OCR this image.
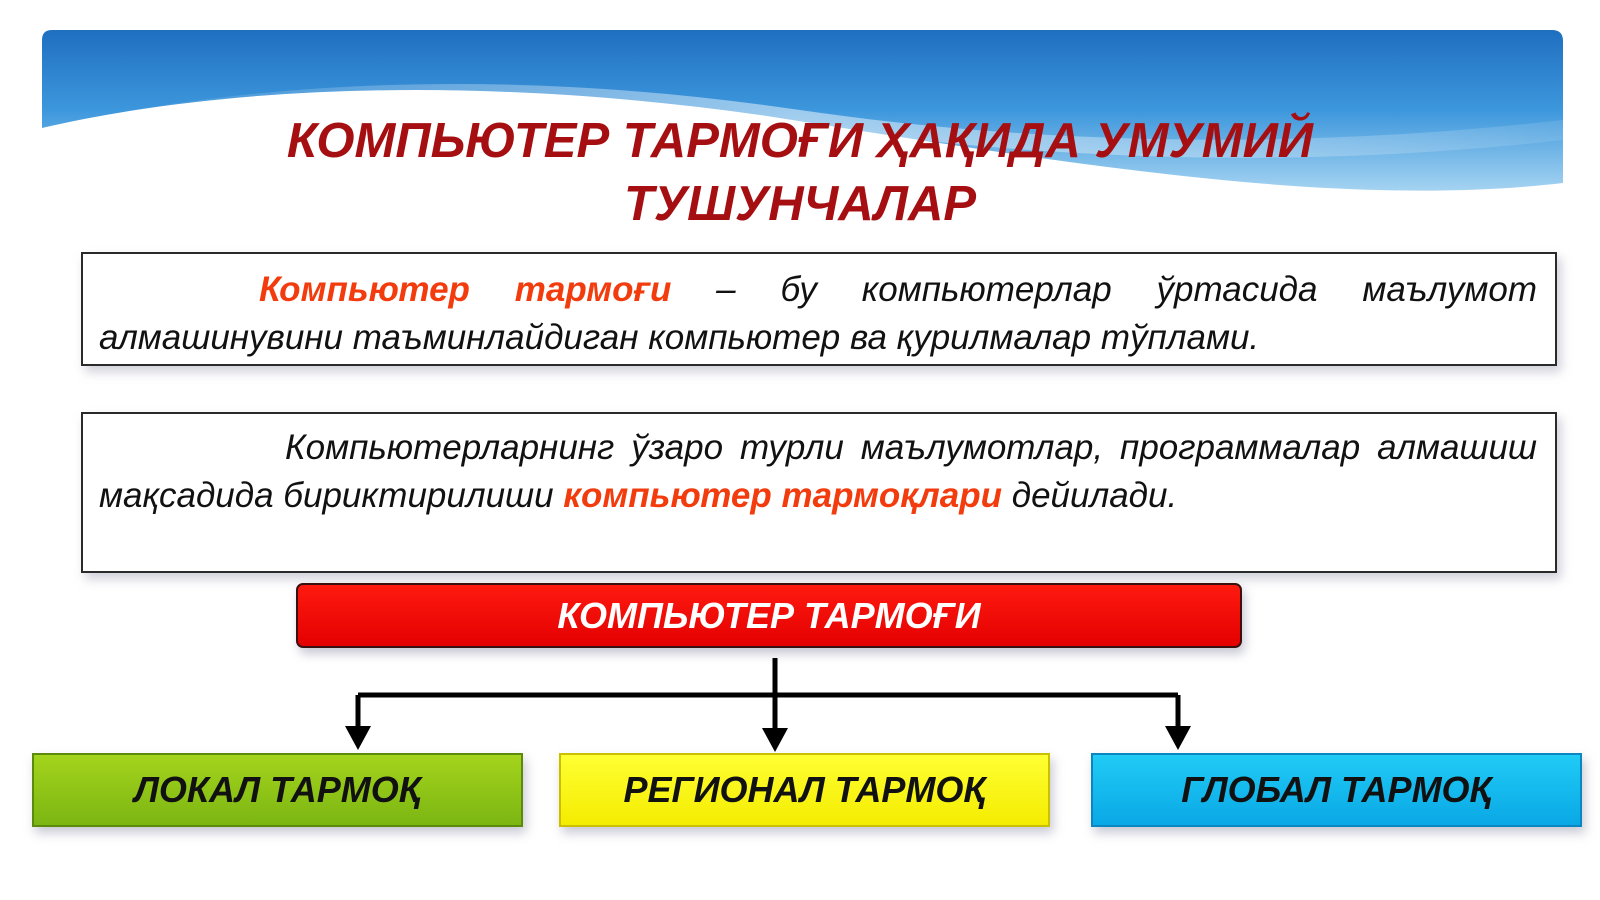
КОМПЬЮТЕР ТАРМОҒИ ҲАҚИДА УМУМИЙ ТУШУНЧАЛАР

Компьютер тармоғи – бу компьютерлар ўртасида маълумот алмашинувини таъминлайдиган компьютер ва қурилмалар тўплами.

Компьютерларнинг ўзаро турли маълумотлар, программалар алмашиш мақсадида бириктирилиши компьютер тармоқлари дейилади.

КОМПЬЮТЕР ТАРМОҒИ
ЛОКАЛ ТАРМОҚ	РЕГИОНАЛ ТАРМОҚ	ГЛОБАЛ ТАРМОҚ
